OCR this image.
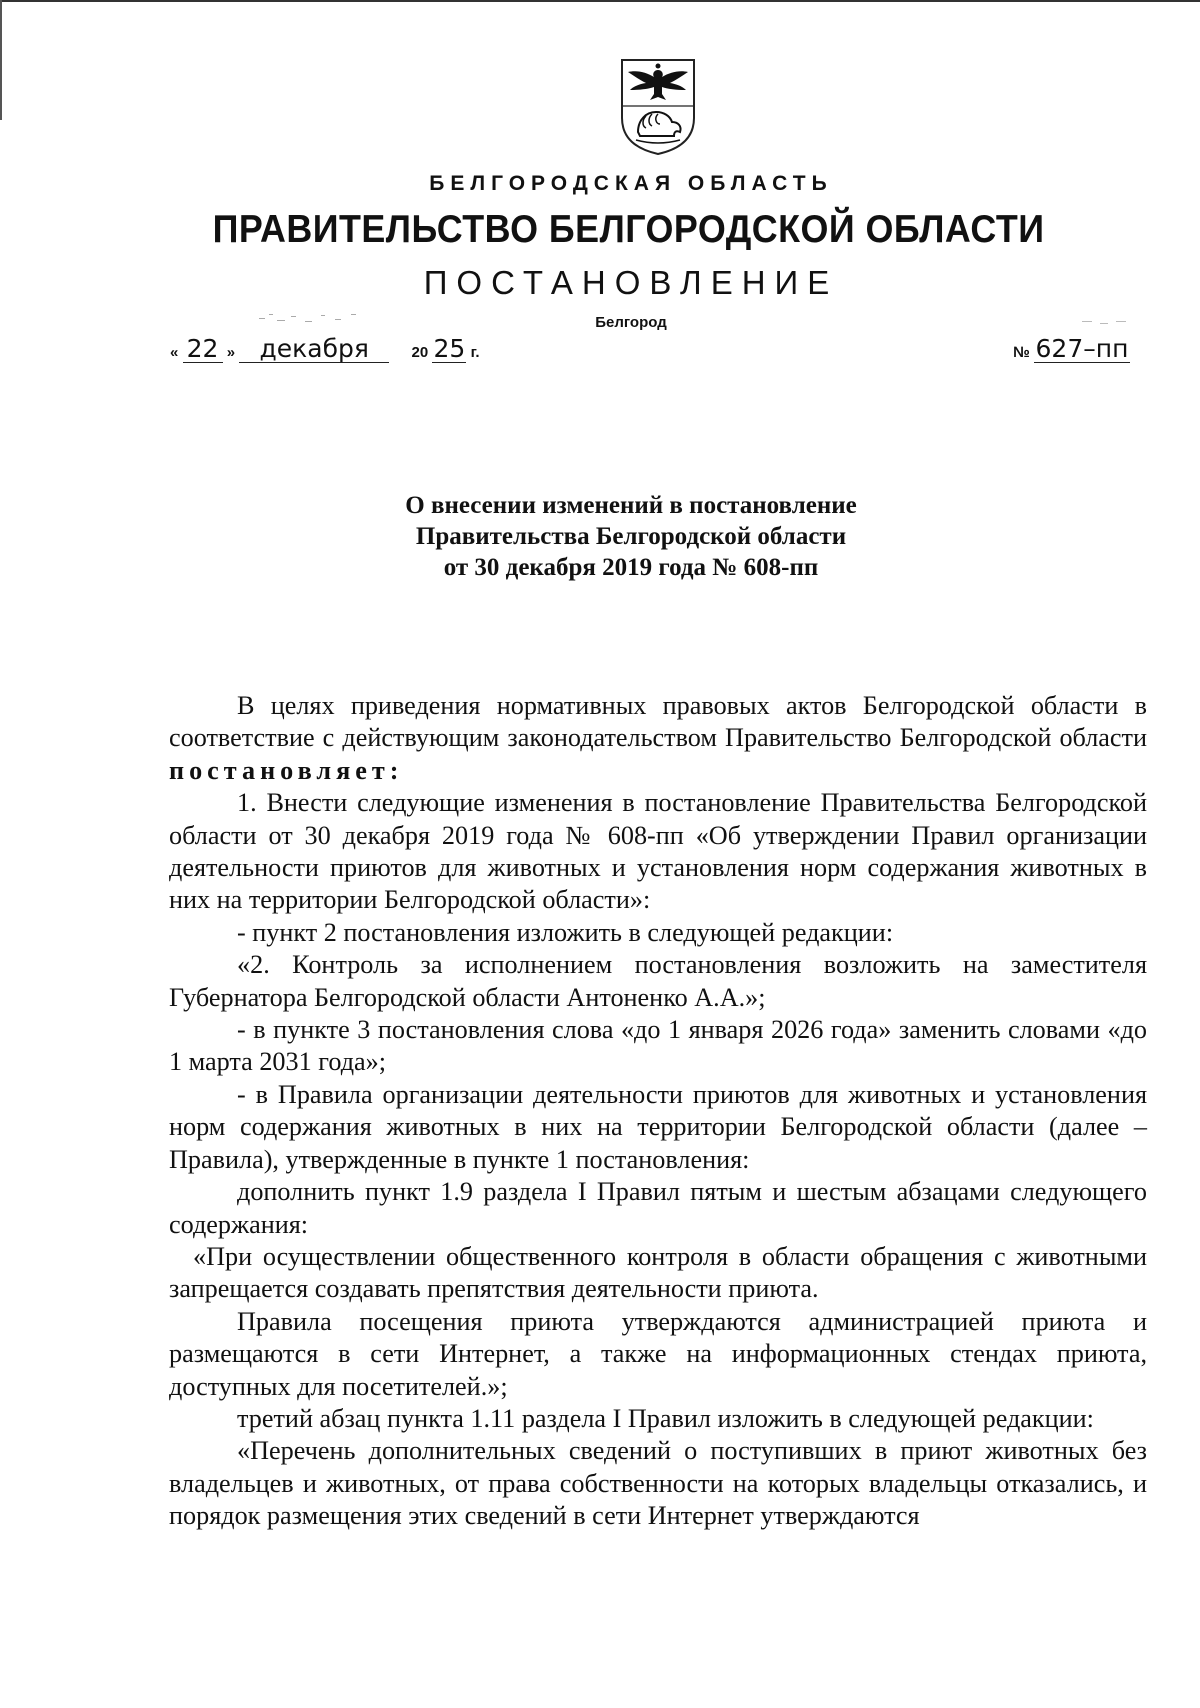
БЕЛГОРОДСКАЯ ОБЛАСТЬ
ПРАВИТЕЛЬСТВО БЕЛГОРОДСКОЙ ОБЛАСТИ
ПОСТАНОВЛЕНИЕ
Белгород
« 22 » декабря	20 25 г.	№ 627–пп
О внесении изменений в постановление
Правительства Белгородской области
от 30 декабря 2019 года № 608-пп

В целях приведения нормативных правовых актов Белгородской области в соответствие с действующим законодательством Правительство Белгородской области постановляет:

1. Внести следующие изменения в постановление Правительства Белгородской области от 30 декабря 2019 года № 608-пп «Об утверждении Правил организации деятельности приютов для животных и установления норм содержания животных в них на территории Белгородской области»:

- пункт 2 постановления изложить в следующей редакции:

«2. Контроль за исполнением постановления возложить на заместителя Губернатора Белгородской области Антоненко А.А.»;

- в пункте 3 постановления слова «до 1 января 2026 года» заменить словами «до 1 марта 2031 года»;

- в Правила организации деятельности приютов для животных и установления норм содержания животных в них на территории Белгородской области (далее – Правила), утвержденные в пункте 1 постановления:

дополнить пункт 1.9 раздела I Правил пятым и шестым абзацами следующего содержания:

«При осуществлении общественного контроля в области обращения с животными запрещается создавать препятствия деятельности приюта.

Правила посещения приюта утверждаются администрацией приюта и размещаются в сети Интернет, а также на информационных стендах приюта, доступных для посетителей.»;

третий абзац пункта 1.11 раздела I Правил изложить в следующей редакции:

«Перечень дополнительных сведений о поступивших в приют животных без владельцев и животных, от права собственности на которых владельцы отказались, и порядок размещения этих сведений в сети Интернет утверждаются
